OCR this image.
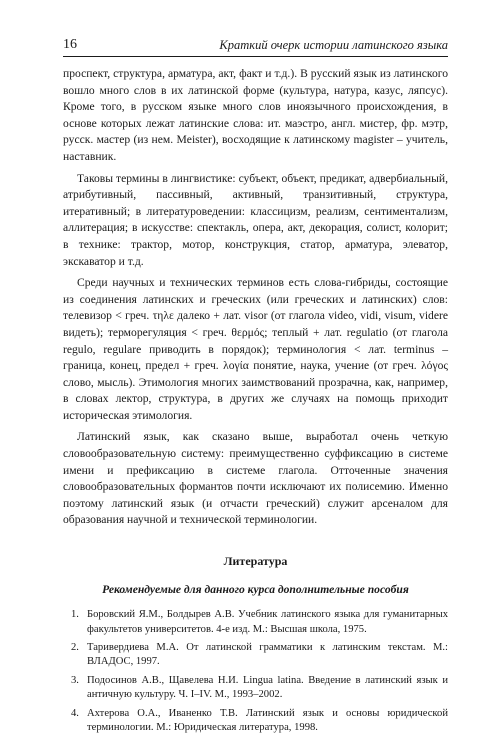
16	Краткий очерк истории латинского языка

проспект, структура, арматура, акт, факт и т.д.). В русский язык из латинского вошло много слов в их латинской форме (культура, натура, казус, ляпсус). Кроме того, в русском языке много слов иноязычного происхождения, в основе которых лежат латинские слова: ит. маэстро, англ. мистер, фр. мэтр, русск. мастер (из нем. Meister), восходящие к латинскому magister – учитель, наставник.

Таковы термины в лингвистике: субъект, объект, предикат, адвербиальный, атрибутивный, пассивный, активный, транзитивный, структура, итеративный; в литературоведении: классицизм, реализм, сентиментализм, аллитерация; в искусстве: спектакль, опера, акт, декорация, солист, колорит; в технике: трактор, мотор, конструкция, статор, арматура, элеватор, экскаватор и т.д.

Среди научных и технических терминов есть слова-гибриды, состоящие из соединения латинских и греческих (или греческих и латинских) слов: телевизор < греч. τηλε далеко + лат. visor (от глагола video, vidi, visum, videre видеть); терморегуляция < греч. θερμός; теплый + лат. regulatio (от глагола regulo, regulare приводить в порядок); терминология < лат. terminus – граница, конец, предел + греч. λογία понятие, наука, учение (от греч. λόγος слово, мысль). Этимология многих заимствований прозрачна, как, например, в словах лектор, структура, в других же случаях на помощь приходит историческая этимология.

Латинский язык, как сказано выше, выработал очень четкую словообразовательную систему: преимущественно суффиксацию в системе имени и префиксацию в системе глагола. Отточенные значения словообразовательных формантов почти исключают их полисемию. Именно поэтому латинский язык (и отчасти греческий) служит арсеналом для образования научной и технической терминологии.

Литература
Рекомендуемые для данного курса дополнительные пособия
1. Боровский Я.М., Болдырев А.В. Учебник латинского языка для гуманитарных факультетов университетов. 4-е изд. М.: Высшая школа, 1975.
2. Таривердиева М.А. От латинской грамматики к латинским текстам. М.: ВЛАДОС, 1997.
3. Подосинов А.В., Щавелева Н.И. Lingua latina. Введение в латинский язык и античную культуру. Ч. I–IV. М., 1993–2002.
4. Ахтерова О.А., Иваненко Т.В. Латинский язык и основы юридической терминологии. М.: Юридическая литература, 1998.
